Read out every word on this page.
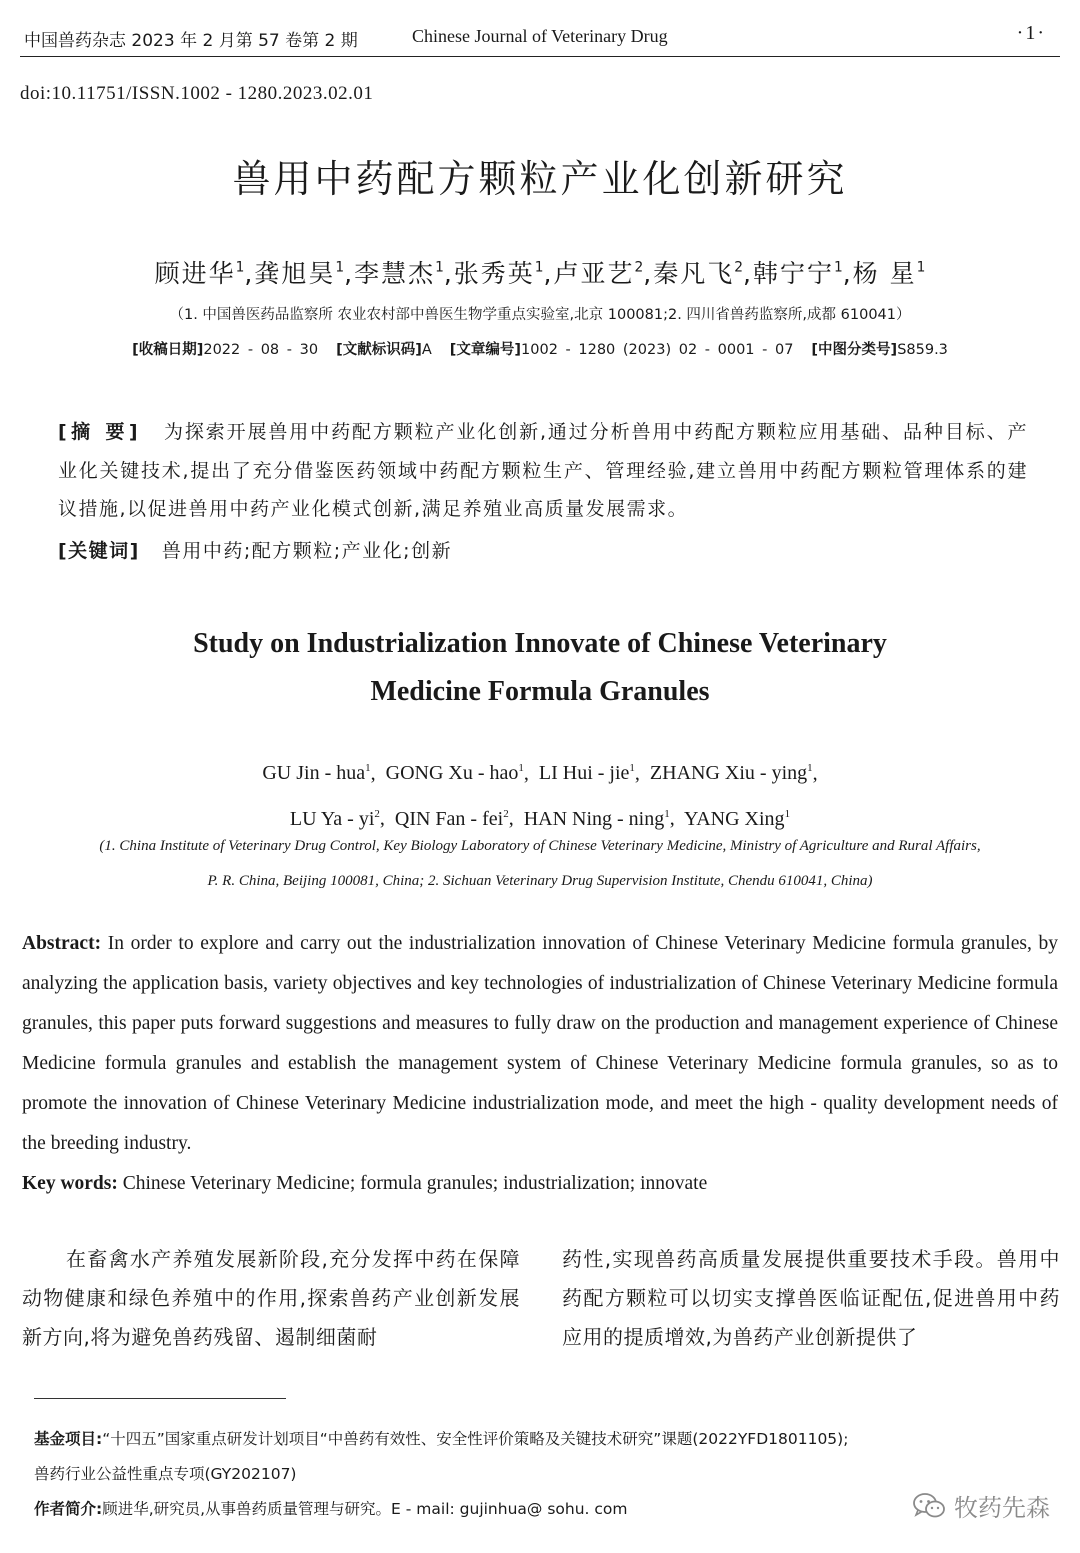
中国兽药杂志 2023 年 2 月第 57 卷第 2 期	Chinese Journal of Veterinary Drug	·1·
doi:10.11751/ISSN.1002 - 1280.2023.02.01
兽用中药配方颗粒产业化创新研究
顾进华$^1$,龚旭昊$^1$,李慧杰$^1$,张秀英$^1$,卢亚艺$^2$,秦凡飞$^2$,韩宁宁$^1$,杨 星$^1$
（1. 中国兽医药品监察所 农业农村部中兽医生物学重点实验室,北京 100081;2. 四川省兽药监察所,成都 610041）
[收稿日期]2022 - 08 - 30 [文献标识码]A [文章编号]1002 - 1280 (2023) 02 - 0001 - 07 [中图分类号]S859.3
[摘 要] 为探索开展兽用中药配方颗粒产业化创新,通过分析兽用中药配方颗粒应用基础、品种目标、产业化关键技术,提出了充分借鉴医药领域中药配方颗粒生产、管理经验,建立兽用中药配方颗粒管理体系的建议措施,以促进兽用中药产业化模式创新,满足养殖业高质量发展需求。
[关键词] 兽用中药;配方颗粒;产业化;创新
Study on Industrialization Innovate of Chinese Veterinary
Medicine Formula Granules
GU Jin - hua$^1$,  GONG Xu - hao$^1$,  LI Hui - jie$^1$,  ZHANG Xiu - ying$^1$,
LU Ya - $yi^2$,  QIN Fan - fei$^2$,  HAN Ning - ning$^1$,  YANG Xing$^1$
(1. China Institute of Veterinary Drug Control, Key Biology Laboratory of Chinese Veterinary Medicine, Ministry of Agriculture and Rural Affairs,
P. R. China, Beijing 100081, China; 2. Sichuan Veterinary Drug Supervision Institute, Chendu 610041, China)
Abstract: In order to explore and carry out the industrialization innovation of Chinese Veterinary Medicine formula granules, by analyzing the application basis, variety objectives and key technologies of industrialization of Chinese Veterinary Medicine formula granules, this paper puts forward suggestions and measures to fully draw on the production and management experience of Chinese Medicine formula granules and establish the management system of Chinese Veterinary Medicine formula granules, so as to promote the innovation of Chinese Veterinary Medicine industrialization mode, and meet the high - quality development needs of the breeding industry.
Key words: Chinese Veterinary Medicine; formula granules; industrialization; innovate
在畜禽水产养殖发展新阶段,充分发挥中药在保障动物健康和绿色养殖中的作用,探索兽药产业创新发展新方向,将为避免兽药残留、遏制细菌耐
药性,实现兽药高质量发展提供重要技术手段。兽用中药配方颗粒可以切实支撑兽医临证配伍,促进兽用中药应用的提质增效,为兽药产业创新提供了
基金项目:“十四五”国家重点研发计划项目“中兽药有效性、安全性评价策略及关键技术研究”课题(2022YFD1801105);
兽药行业公益性重点专项(GY202107)
作者简介:顾进华,研究员,从事兽药质量管理与研究。E - mail: gujinhua@ sohu. com	牧药先森
